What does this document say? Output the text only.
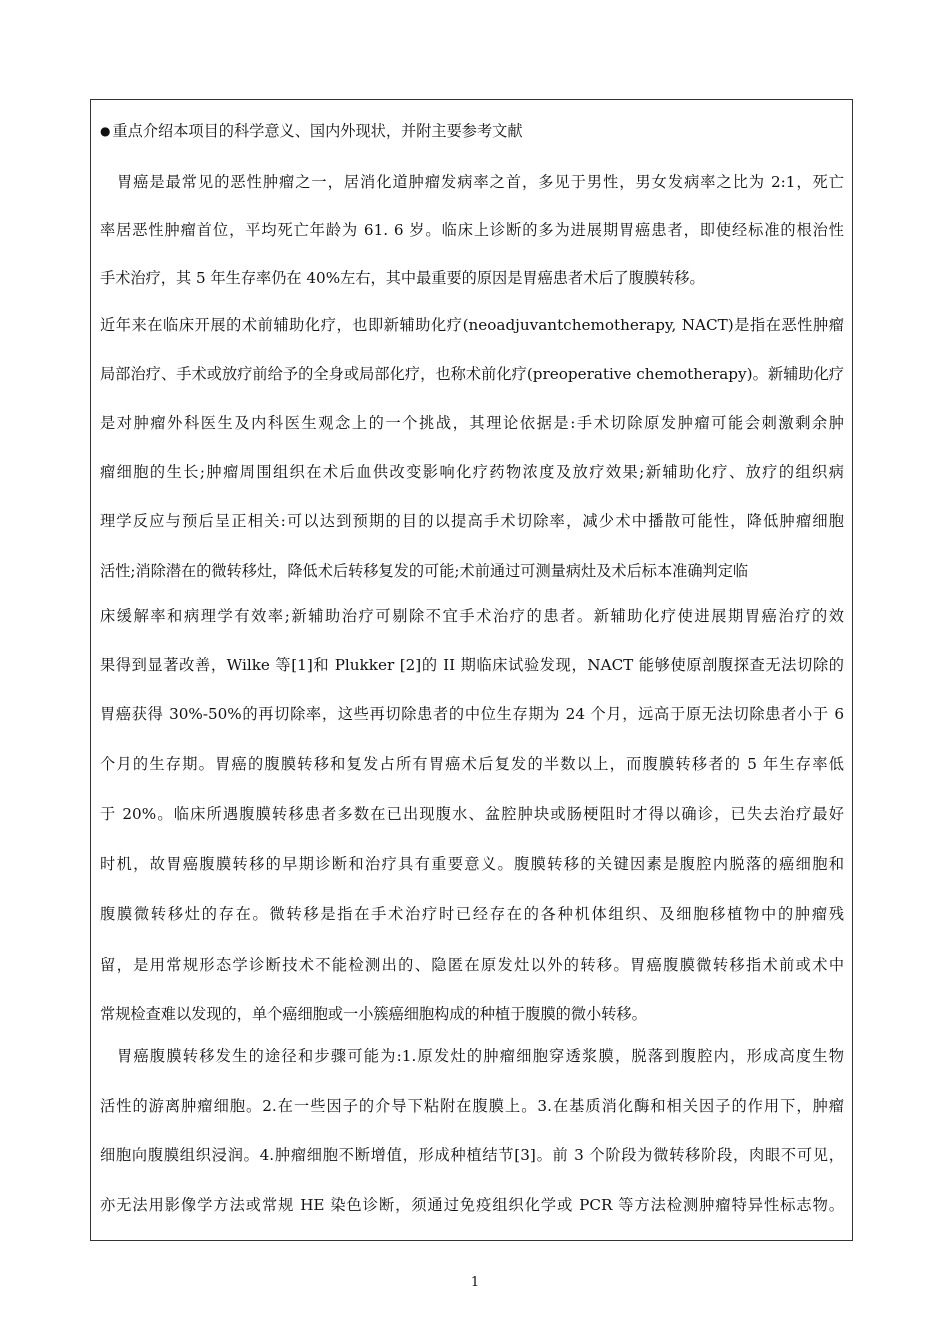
● 重点介绍本项目的科学意义、国内外现状，并附主要参考文献
胃癌是最常见的恶性肿瘤之一，居消化道肿瘤发病率之首，多见于男性，男女发病率之比为 2:1，死亡
率居恶性肿瘤首位，平均死亡年龄为 61. 6 岁。临床上诊断的多为进展期胃癌患者，即使经标准的根治性
手术治疗，其 5 年生存率仍在 40%左右，其中最重要的原因是胃癌患者术后了腹膜转移。
近年来在临床开展的术前辅助化疗，也即新辅助化疗(neoadjuvantchemotherapy, NACT)是指在恶性肿瘤
局部治疗、手术或放疗前给予的全身或局部化疗，也称术前化疗(preoperative chemotherapy)。新辅助化疗
是对肿瘤外科医生及内科医生观念上的一个挑战，其理论依据是:手术切除原发肿瘤可能会刺激剩余肿
瘤细胞的生长;肿瘤周围组织在术后血供改变影响化疗药物浓度及放疗效果;新辅助化疗、放疗的组织病
理学反应与预后呈正相关:可以达到预期的目的以提高手术切除率，减少术中播散可能性，降低肿瘤细胞
活性;消除潜在的微转移灶，降低术后转移复发的可能;术前通过可测量病灶及术后标本准确判定临
床缓解率和病理学有效率;新辅助治疗可剔除不宜手术治疗的患者。新辅助化疗使进展期胃癌治疗的效
果得到显著改善，Wilke 等[1]和 Plukker [2]的 II 期临床试验发现，NACT 能够使原剖腹探查无法切除的
胃癌获得 30%-50%的再切除率，这些再切除患者的中位生存期为 24 个月，远高于原无法切除患者小于 6
个月的生存期。胃癌的腹膜转移和复发占所有胃癌术后复发的半数以上，而腹膜转移者的 5 年生存率低
于 20%。临床所遇腹膜转移患者多数在已出现腹水、盆腔肿块或肠梗阻时才得以确诊，已失去治疗最好
时机，故胃癌腹膜转移的早期诊断和治疗具有重要意义。腹膜转移的关键因素是腹腔内脱落的癌细胞和
腹膜微转移灶的存在。微转移是指在手术治疗时已经存在的各种机体组织、及细胞移植物中的肿瘤残
留，是用常规形态学诊断技术不能检测出的、隐匿在原发灶以外的转移。胃癌腹膜微转移指术前或术中
常规检查难以发现的，单个癌细胞或一小簇癌细胞构成的种植于腹膜的微小转移。
胃癌腹膜转移发生的途径和步骤可能为:1.原发灶的肿瘤细胞穿透浆膜，脱落到腹腔内，形成高度生物
活性的游离肿瘤细胞。2.在一些因子的介导下粘附在腹膜上。3.在基质消化酶和相关因子的作用下，肿瘤
细胞向腹膜组织浸润。4.肿瘤细胞不断增值，形成种植结节[3]。前 3 个阶段为微转移阶段，肉眼不可见，
亦无法用影像学方法或常规 HE 染色诊断，须通过免疫组织化学或 PCR 等方法检测肿瘤特异性标志物。
1
